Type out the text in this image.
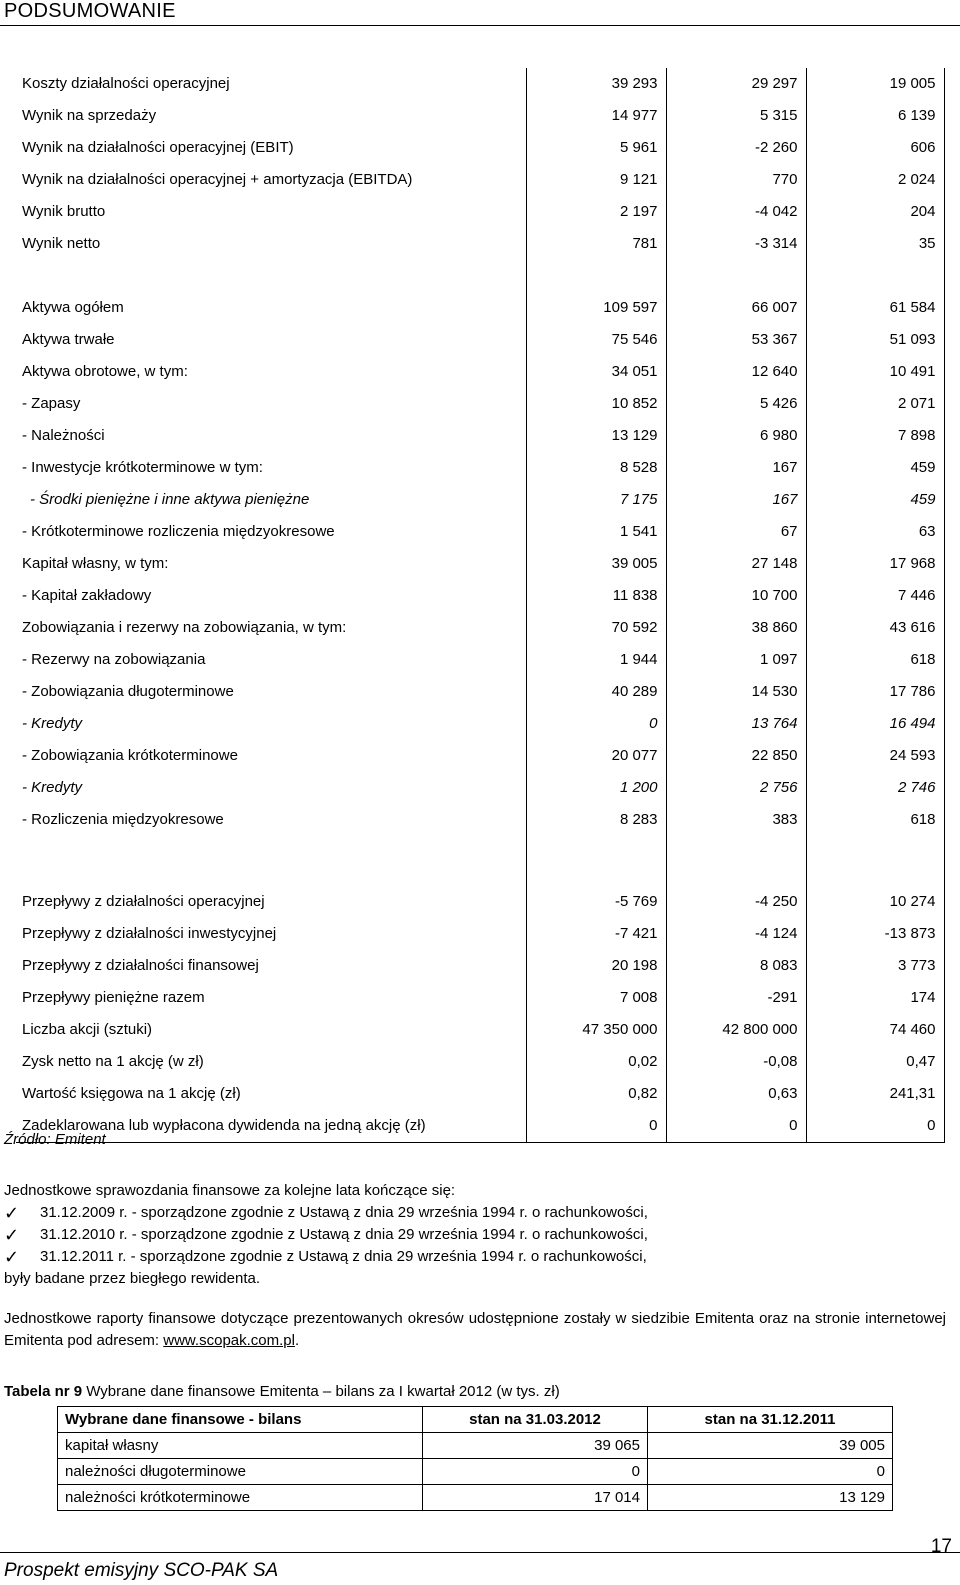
PODSUMOWANIE
Koszty działalności operacyjnej	39 293	29 297	19 005
Wynik na sprzedaży	14 977	5 315	6 139
Wynik na działalności operacyjnej (EBIT)	5 961	-2 260	606
Wynik na działalności operacyjnej + amortyzacja (EBITDA)	9 121	770	2 024
Wynik brutto	2 197	-4 042	204
Wynik netto	781	-3 314	35

Aktywa ogółem	109 597	66 007	61 584
Aktywa trwałe	75 546	53 367	51 093
Aktywa obrotowe, w tym:	34 051	12 640	10 491
- Zapasy	10 852	5 426	2 071
- Należności	13 129	6 980	7 898
- Inwestycje krótkoterminowe w tym:	8 528	167	459
- Środki pieniężne i inne aktywa pieniężne	7 175	167	459
- Krótkoterminowe rozliczenia międzyokresowe	1 541	67	63
Kapitał własny, w tym:	39 005	27 148	17 968
- Kapitał zakładowy	11 838	10 700	7 446
Zobowiązania i rezerwy na zobowiązania, w tym:	70 592	38 860	43 616
- Rezerwy na zobowiązania	1 944	1 097	618
- Zobowiązania długoterminowe	40 289	14 530	17 786
- Kredyty	0	13 764	16 494
- Zobowiązania krótkoterminowe	20 077	22 850	24 593
- Kredyty	1 200	2 756	2 746
- Rozliczenia międzyokresowe	8 283	383	618

Przepływy z działalności operacyjnej	-5 769	-4 250	10 274
Przepływy z działalności inwestycyjnej	-7 421	-4 124	-13 873
Przepływy z działalności finansowej	20 198	8 083	3 773
Przepływy pieniężne razem	7 008	-291	174
Liczba akcji (sztuki)	47 350 000	42 800 000	74 460
Zysk netto na 1 akcję (w zł)	0,02	-0,08	0,47
Wartość księgowa na 1 akcję (zł)	0,82	0,63	241,31
Zadeklarowana lub wypłacona dywidenda na jedną akcję (zł)	0	0	0
Źródło: Emitent

Jednostkowe sprawozdania finansowe za kolejne lata kończące się:

✓ 31.12.2009 r. - sporządzone zgodnie z Ustawą z dnia 29 września 1994 r. o rachunkowości,
✓ 31.12.2010 r. - sporządzone zgodnie z Ustawą z dnia 29 września 1994 r. o rachunkowości,
✓ 31.12.2011 r. - sporządzone zgodnie z Ustawą z dnia 29 września 1994 r. o rachunkowości,

były badane przez biegłego rewidenta.

Jednostkowe raporty finansowe dotyczące prezentowanych okresów udostępnione zostały w siedzibie Emitenta oraz na stronie internetowej Emitenta pod adresem: www.scopak.com.pl.

Tabela nr 9 Wybrane dane finansowe Emitenta – bilans za I kwartał 2012 (w tys. zł)
Wybrane dane finansowe - bilans	stan na 31.03.2012	stan na 31.12.2011
kapitał własny	39 065	39 005
należności długoterminowe	0	0
należności krótkoterminowe	17 014	13 129
Prospekt emisyjny SCO-PAK SA
17
